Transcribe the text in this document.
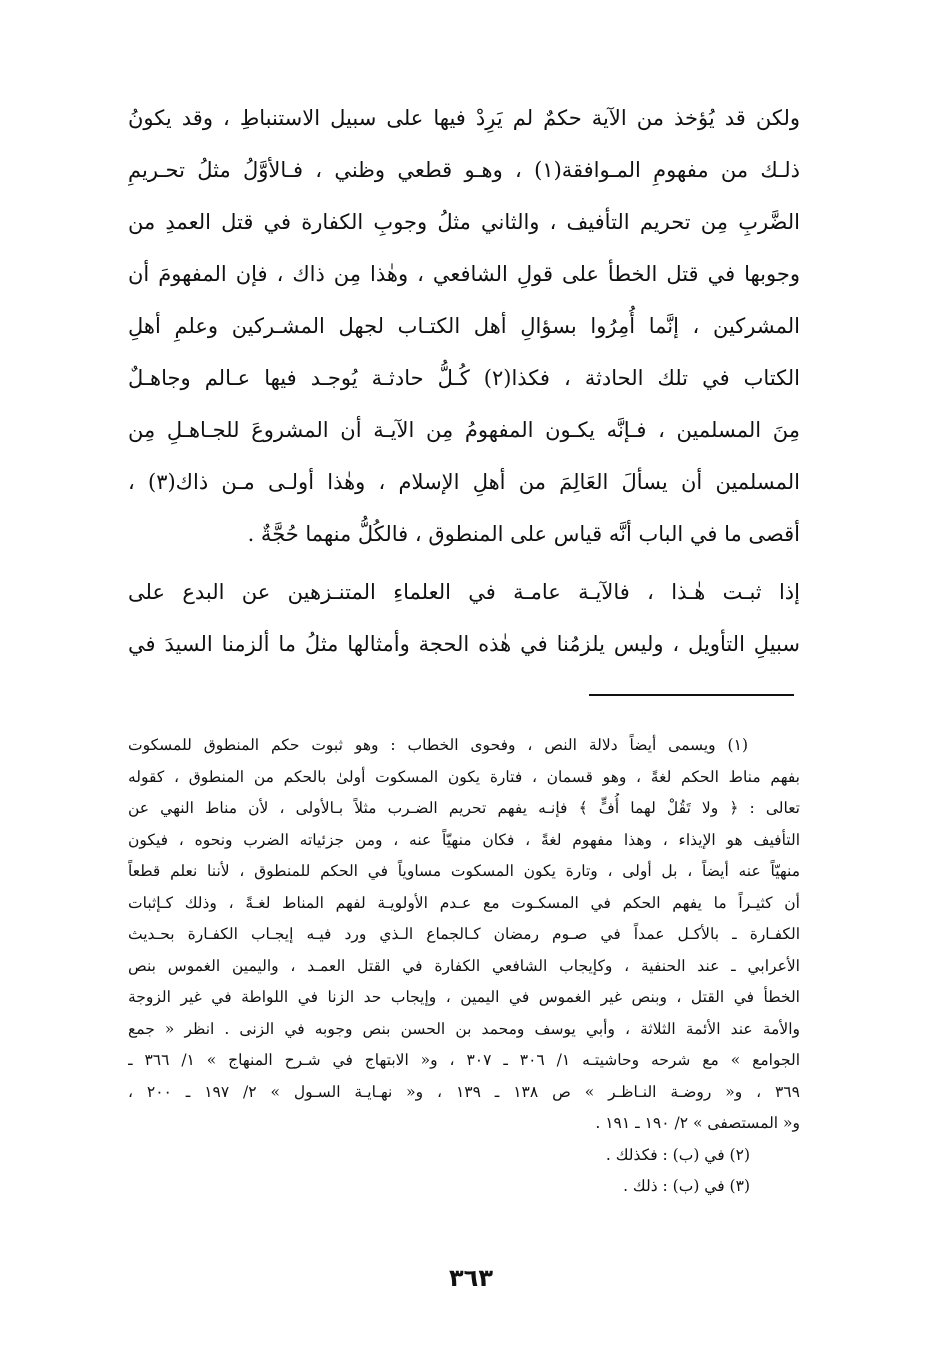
ولكن قد يُؤخذ من الآية حكمٌ لم يَرِدْ فيها على سبيل الاستنباطِ ، وقد يكونُ
ذلـك من مفهومِ المـوافقة(١) ، وهـو قطعي وظني ، فـالأوَّلُ مثلُ تحـريمِ
الضَّربِ مِن تحريم التأفيف ، والثاني مثلُ وجوبِ الكفارة في قتل العمدِ من
وجوبها في قتل الخطأ على قولِ الشافعي ، وهٰذا مِن ذاك ، فإن المفهومَ أن
المشركين ، إنَّما أُمِرُوا بسؤالِ أهل الكتـاب لجهل المشـركين وعلمِ أهلِ
الكتاب في تلك الحادثة ، فكذا(٢) كُـلُّ حادثـة يُوجـد فيها عـالم وجاهـلٌ
مِنَ المسلمين ، فـإنَّه يكـون المفهومُ مِن الآيـة أن المشروعَ للجـاهـلِ مِن
المسلمين أن يسألَ العَالِمَ من أهلِ الإسلام ، وهٰذا أولـى مـن ذاك(٣) ،
أقصى ما في الباب أنَّه قياس على المنطوق ، فالكُلُّ منهما حُجَّةٌ .
إذا ثبـت هٰـذا ، فالآيـة عامـة في العلماءِ المتنـزهين عن البدع على
سبيلِ التأويل ، وليس يلزمُنا في هٰذه الحجة وأمثالها مثلُ ما ألزمنا السيدَ في
(١) ويسمى أيضاً دلالة النص ، وفحوى الخطاب : وهو ثبوت حكم المنطوق للمسكوت
بفهم مناط الحكم لغةً ، وهو قسمان ، فتارة يكون المسكوت أولىٰ بالحكم من المنطوق ، كقوله
تعالى : ﴿ ولا تَقُلْ لهما أُفٍّ ﴾ فإنـه يفهم تحريم الضـرب مثلاً بـالأولى ، لأن مناط النهي عن
التأفيف هو الإيذاء ، وهذا مفهوم لغةً ، فكان منهيّاً عنه ، ومن جزئياته الضرب ونحوه ، فيكون
منهيّاً عنه أيضاً ، بل أولى ، وتارة يكون المسكوت مساوياً في الحكم للمنطوق ، لأننا نعلم قطعاً
أن كثيـراً ما يفهم الحكم في المسكـوت مع عـدم الأولويـة لفهم المناط لغـةً ، وذلك كـإثبات
الكفـارة ـ بالأكـل عمداً في صـوم رمضان كـالجماع الـذي ورد فيـه إيجـاب الكفـارة بحـديث
الأعرابي ـ عند الحنفية ، وكإيجاب الشافعي الكفارة في القتل العمـد ، واليمين الغموس بنص
الخطأ في القتل ، وبنص غير الغموس في اليمين ، وإيجاب حد الزنا في اللواطة في غير الزوجة
والأمة عند الأئمة الثلاثة ، وأبي يوسف ومحمد بن الحسن بنص وجوبه في الزنى . انظر « جمع
الجوامع » مع شرحه وحاشيتـه ١/ ٣٠٦ ـ ٣٠٧ ، و« الابتهاج في شـرح المنهاج » ١/ ٣٦٦ ـ
٣٦٩ ، و« روضـة النـاظـر » ص ١٣٨ ـ ١٣٩ ، و« نهـايـة السـول » ٢/ ١٩٧ ـ ٢٠٠ ،
و« المستصفى » ٢/ ١٩٠ ـ ١٩١ .
(٢) في (ب) : فكذلك .
(٣) في (ب) : ذلك .
٣٦٣
